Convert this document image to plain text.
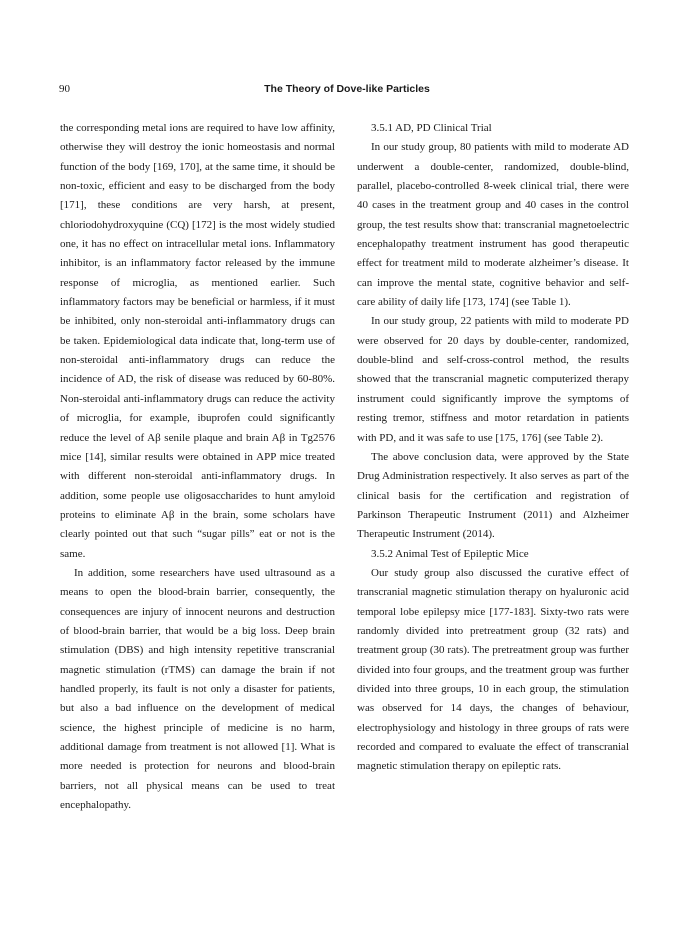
90	The Theory of Dove-like Particles

the corresponding metal ions are required to have low affinity, otherwise they will destroy the ionic homeostasis and normal function of the body [169, 170], at the same time, it should be non-toxic, efficient and easy to be discharged from the body [171], these conditions are very harsh, at present, chloriodohydroxyquine (CQ) [172] is the most widely studied one, it has no effect on intracellular metal ions. Inflammatory inhibitor, is an inflammatory factor released by the immune response of microglia, as mentioned earlier. Such inflammatory factors may be beneficial or harmless, if it must be inhibited, only non-steroidal anti-inflammatory drugs can be taken. Epidemiological data indicate that, long-term use of non-steroidal anti-inflammatory drugs can reduce the incidence of AD, the risk of disease was reduced by 60-80%. Non-steroidal anti-inflammatory drugs can reduce the activity of microglia, for example, ibuprofen could significantly reduce the level of Aβ senile plaque and brain Aβ in Tg2576 mice [14], similar results were obtained in APP mice treated with different non-steroidal anti-inflammatory drugs. In addition, some people use oligosaccharides to hunt amyloid proteins to eliminate Aβ in the brain, some scholars have clearly pointed out that such “sugar pills” eat or not is the same.

In addition, some researchers have used ultrasound as a means to open the blood-brain barrier, consequently, the consequences are injury of innocent neurons and destruction of blood-brain barrier, that would be a big loss. Deep brain stimulation (DBS) and high intensity repetitive transcranial magnetic stimulation (rTMS) can damage the brain if not handled properly, its fault is not only a disaster for patients, but also a bad influence on the development of medical science, the highest principle of medicine is no harm, additional damage from treatment is not allowed [1]. What is more needed is protection for neurons and blood-brain barriers, not all physical means can be used to treat encephalopathy.

3.5.1 AD, PD Clinical Trial

In our study group, 80 patients with mild to moderate AD underwent a double-center, randomized, double-blind, parallel, placebo-controlled 8-week clinical trial, there were 40 cases in the treatment group and 40 cases in the control group, the test results show that: transcranial magnetoelectric encephalopathy treatment instrument has good therapeutic effect for treatment mild to moderate alzheimer’s disease. It can improve the mental state, cognitive behavior and self-care ability of daily life [173, 174] (see Table 1).

In our study group, 22 patients with mild to moderate PD were observed for 20 days by double-center, randomized, double-blind and self-cross-control method, the results showed that the transcranial magnetic computerized therapy instrument could significantly improve the symptoms of resting tremor, stiffness and motor retardation in patients with PD, and it was safe to use [175, 176] (see Table 2).

The above conclusion data, were approved by the State Drug Administration respectively. It also serves as part of the clinical basis for the certification and registration of Parkinson Therapeutic Instrument (2011) and Alzheimer Therapeutic Instrument (2014).

3.5.2 Animal Test of Epileptic Mice

Our study group also discussed the curative effect of transcranial magnetic stimulation therapy on hyaluronic acid temporal lobe epilepsy mice [177-183]. Sixty-two rats were randomly divided into pretreatment group (32 rats) and treatment group (30 rats). The pretreatment group was further divided into four groups, and the treatment group was further divided into three groups, 10 in each group, the stimulation was observed for 14 days, the changes of behaviour, electrophysiology and histology in three groups of rats were recorded and compared to evaluate the effect of transcranial magnetic stimulation therapy on epileptic rats.
